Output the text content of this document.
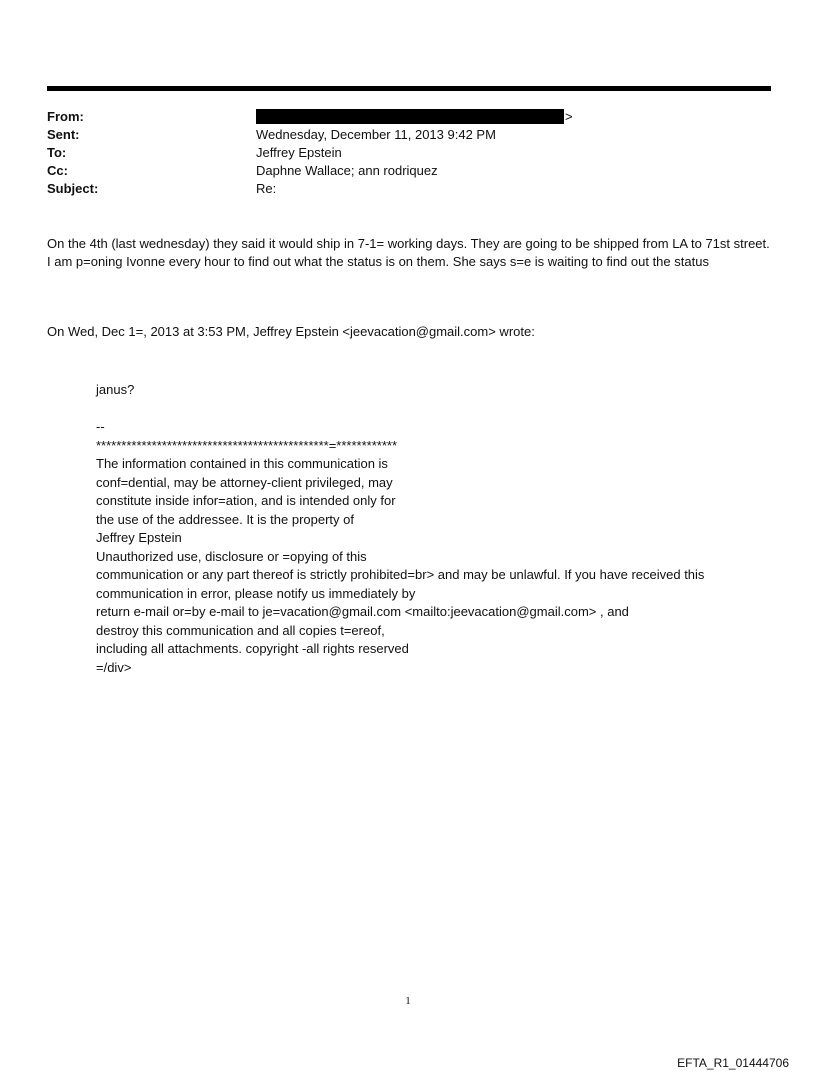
From:	>
Sent:	Wednesday, December 11, 2013 9:42 PM
To:	Jeffrey Epstein
Cc:	Daphne Wallace; ann rodriquez
Subject:	Re:
On the 4th (last wednesday) they said it would ship in 7-1= working days. They are going to be shipped from LA to 71st street. I am p=oning Ivonne every hour to find out what the status is on them. She says s=e is waiting to find out the status
On Wed, Dec 1=, 2013 at 3:53 PM, Jeffrey Epstein <jeevacation@gmail.com> wrote:
janus?
--
**********************************************=************
The information contained in this communication is
conf=dential, may be attorney-client privileged, may
constitute inside infor=ation, and is intended only for
the use of the addressee. It is the property of
Jeffrey Epstein
Unauthorized use, disclosure or =opying of this
communication or any part thereof is strictly prohibited=br> and may be unlawful. If you have received this
communication in error, please notify us immediately by
return e-mail or=by e-mail to je=vacation@gmail.com <mailto:jeevacation@gmail.com> , and
destroy this communication and all copies t=ereof,
including all attachments. copyright -all rights reserved
=/div>
1
EFTA_R1_01444706
